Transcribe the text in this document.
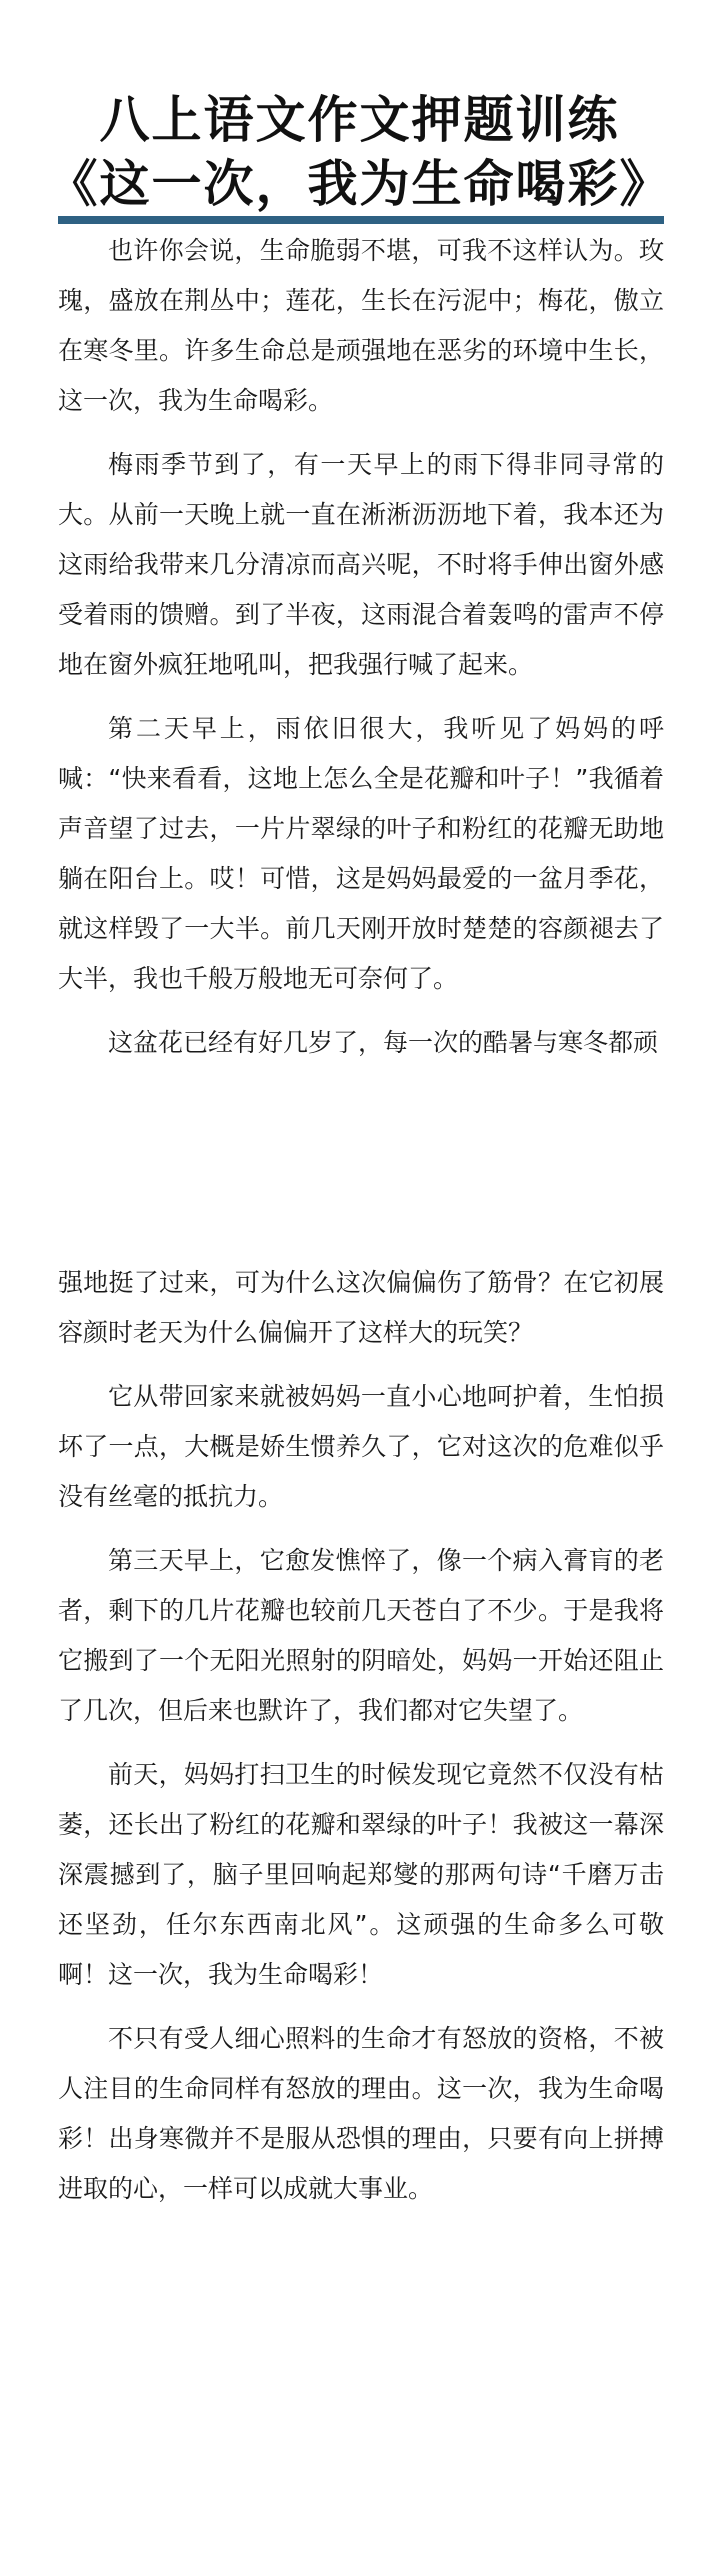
八上语文作文押题训练
《这一次，我为生命喝彩》

也许你会说，生命脆弱不堪，可我不这样认为。玫瑰，盛放在荆丛中；莲花，生长在污泥中；梅花，傲立在寒冬里。许多生命总是顽强地在恶劣的环境中生长，这一次，我为生命喝彩。

梅雨季节到了，有一天早上的雨下得非同寻常的大。从前一天晚上就一直在淅淅沥沥地下着，我本还为这雨给我带来几分清凉而高兴呢，不时将手伸出窗外感受着雨的馈赠。到了半夜，这雨混合着轰鸣的雷声不停地在窗外疯狂地吼叫，把我强行喊了起来。

第二天早上，雨依旧很大，我听见了妈妈的呼喊：“快来看看，这地上怎么全是花瓣和叶子！”我循着声音望了过去，一片片翠绿的叶子和粉红的花瓣无助地躺在阳台上。哎！可惜，这是妈妈最爱的一盆月季花，就这样毁了一大半。前几天刚开放时楚楚的容颜褪去了大半，我也千般万般地无可奈何了。

这盆花已经有好几岁了，每一次的酷暑与寒冬都顽

强地挺了过来，可为什么这次偏偏伤了筋骨？在它初展容颜时老天为什么偏偏开了这样大的玩笑？

它从带回家来就被妈妈一直小心地呵护着，生怕损坏了一点，大概是娇生惯养久了，它对这次的危难似乎没有丝毫的抵抗力。

第三天早上，它愈发憔悴了，像一个病入膏肓的老者，剩下的几片花瓣也较前几天苍白了不少。于是我将它搬到了一个无阳光照射的阴暗处，妈妈一开始还阻止了几次，但后来也默许了，我们都对它失望了。

前天，妈妈打扫卫生的时候发现它竟然不仅没有枯萎，还长出了粉红的花瓣和翠绿的叶子！我被这一幕深深震撼到了，脑子里回响起郑燮的那两句诗“千磨万击还坚劲，任尔东西南北风”。这顽强的生命多么可敬啊！这一次，我为生命喝彩！

不只有受人细心照料的生命才有怒放的资格，不被人注目的生命同样有怒放的理由。这一次，我为生命喝彩！出身寒微并不是服从恐惧的理由，只要有向上拼搏进取的心，一样可以成就大事业。
